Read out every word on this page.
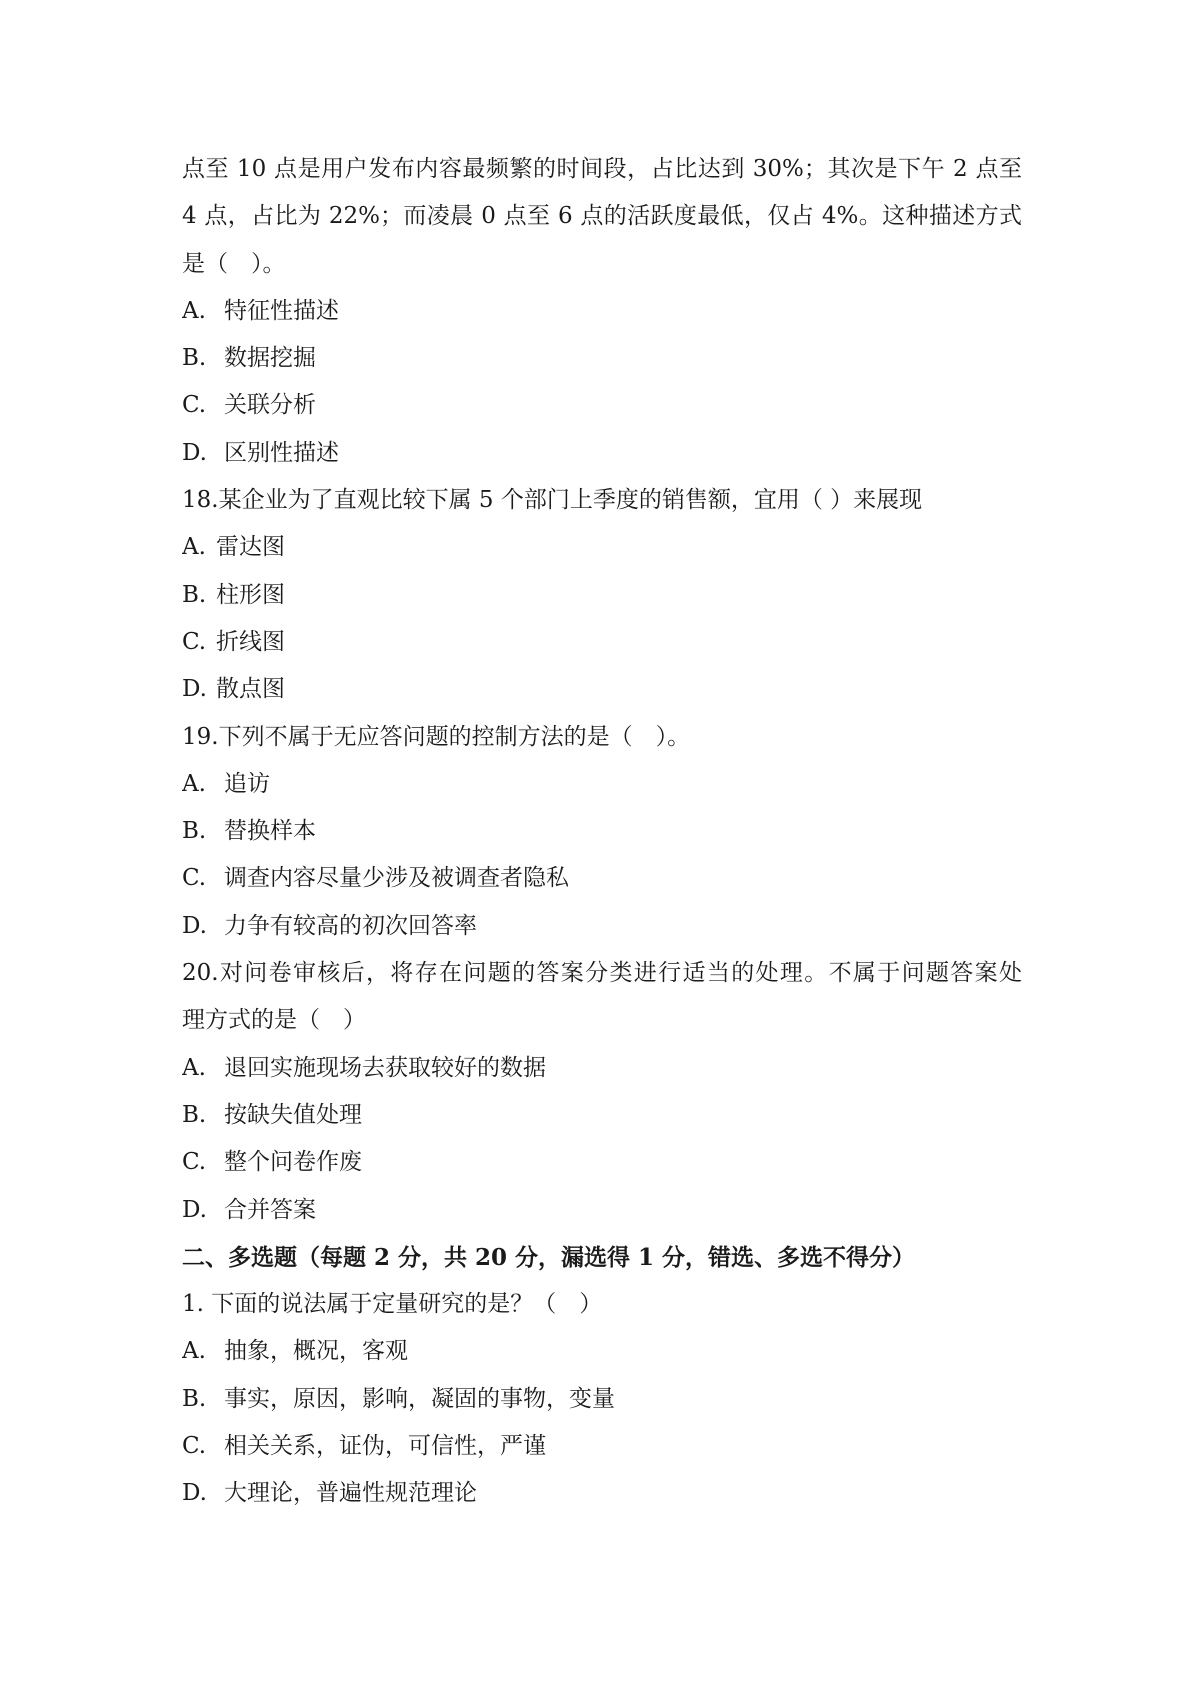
点至 10 点是用户发布内容最频繁的时间段，占比达到 30%；其次是下午 2 点至
4 点，占比为 22%；而凌晨 0 点至 6 点的活跃度最低，仅占 4%。这种描述方式
是（　）。
A. 特征性描述
B. 数据挖掘
C. 关联分析
D. 区别性描述
18.某企业为了直观比较下属 5 个部门上季度的销售额，宜用（ ）来展现
A. 雷达图
B. 柱形图
C. 折线图
D. 散点图
19.下列不属于无应答问题的控制方法的是（　）。
A. 追访
B. 替换样本
C. 调查内容尽量少涉及被调查者隐私
D. 力争有较高的初次回答率
20.对问卷审核后，将存在问题的答案分类进行适当的处理。不属于问题答案处
理方式的是（　）
A. 退回实施现场去获取较好的数据
B. 按缺失值处理
C. 整个问卷作废
D. 合并答案
二、多选题（每题 2 分，共 20 分，漏选得 1 分，错选、多选不得分）
1. 下面的说法属于定量研究的是？（　）
A. 抽象，概况，客观
B. 事实，原因，影响，凝固的事物，变量
C. 相关关系，证伪，可信性，严谨
D. 大理论，普遍性规范理论
